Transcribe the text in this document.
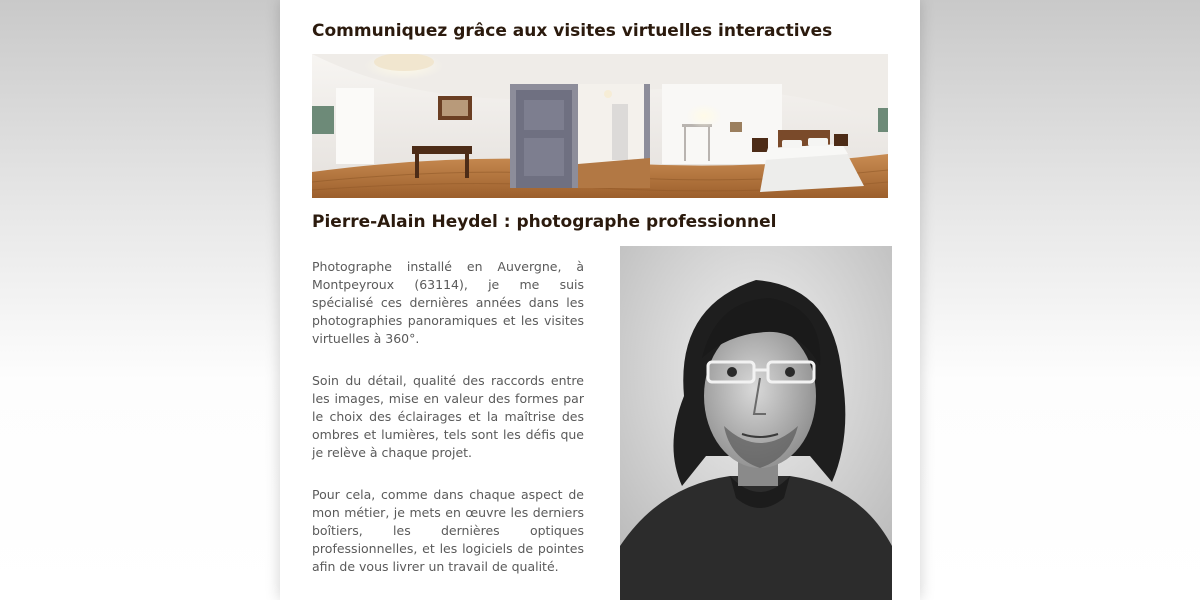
Communiquez grâce aux visites virtuelles interactives
Pierre-Alain Heydel : photographe professionnel

Photographe installé en Auvergne, à Montpeyroux (63114), je me suis spécialisé ces dernières années dans les photographies panoramiques et les visites virtuelles à 360°.

Soin du détail, qualité des raccords entre les images, mise en valeur des formes par le choix des éclairages et la maîtrise des ombres et lumières, tels sont les défis que je relève à chaque projet.

Pour cela, comme dans chaque aspect de mon métier, je mets en œuvre les derniers boîtiers, les dernières optiques professionnelles, et les logiciels de pointes afin de vous livrer un travail de qualité.
